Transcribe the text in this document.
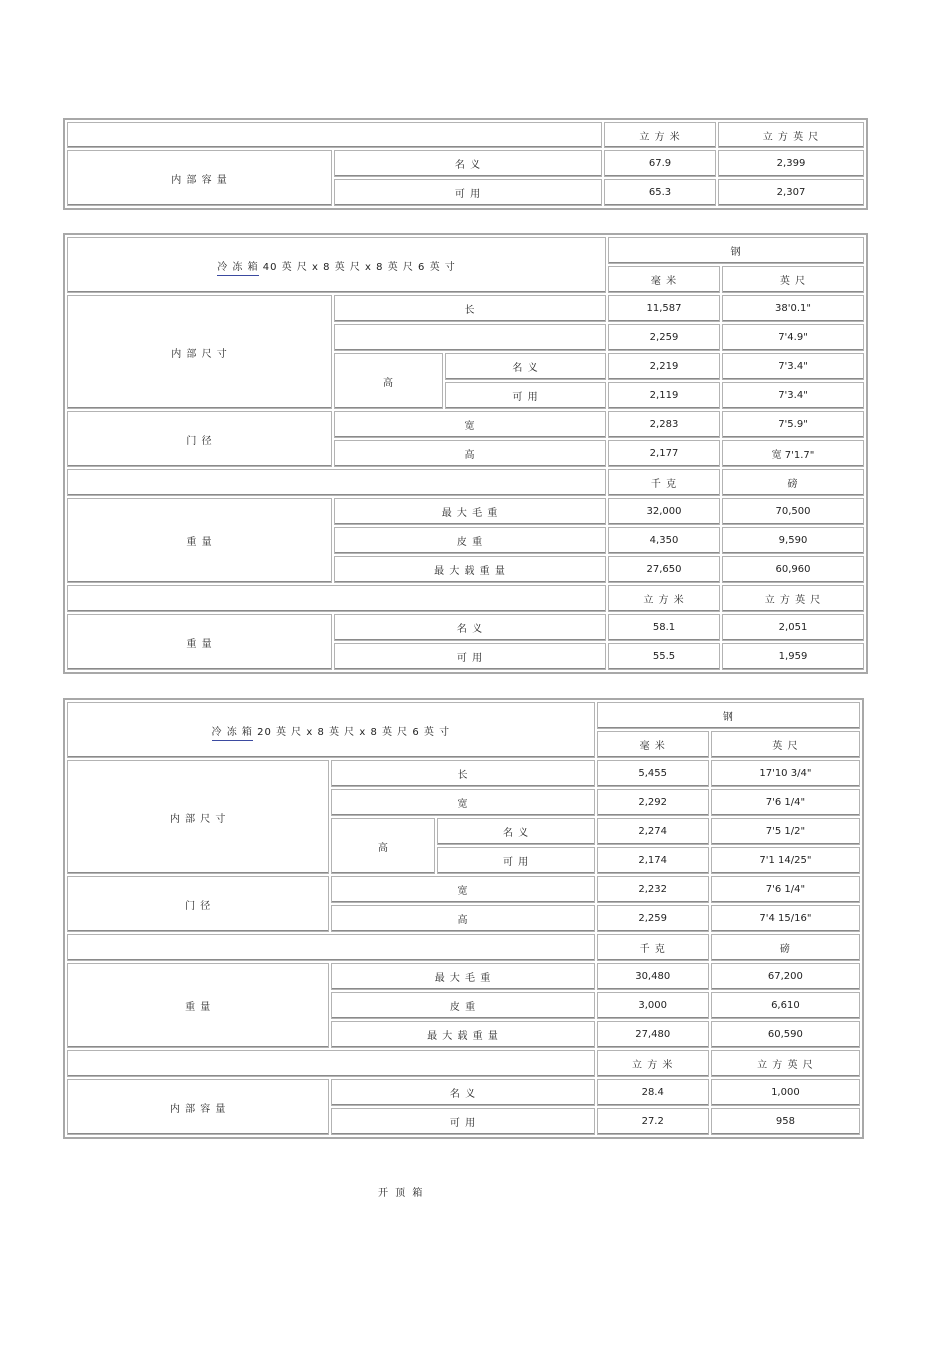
		立 方 米	立 方 英 尺
内 部 容 量	名 义	67.9	2,399
	可 用	65.3	2,307
冷 冻 箱 40 英 尺 x 8 英 尺 x 8 英 尺 6 英 寸			钢	
			毫 米	英 尺
内 部 尺 寸	长		11,587	38'0.1"
			2,259	7'4.9"
	高	名 义	2,219	7'3.4"
		可 用	2,119	7'3.4"
门 径	宽		2,283	7'5.9"
	高		2,177	宽 7'1.7"
			千 克	磅
重 量	最 大 毛 重		32,000	70,500
	皮 重		4,350	9,590
	最 大 载 重 量		27,650	60,960
			立 方 米	立 方 英 尺
重 量	名 义		58.1	2,051
	可 用		55.5	1,959
冷 冻 箱 20 英 尺 x 8 英 尺 x 8 英 尺 6 英 寸			钢	
			毫 米	英 尺
内 部 尺 寸	长		5,455	17'10 3/4"
	宽		2,292	7'6 1/4"
	高	名 义	2,274	7'5 1/2"
		可 用	2,174	7'1 14/25"
门 径	宽		2,232	7'6 1/4"
	高		2,259	7'4 15/16"
			千 克	磅
重 量	最 大 毛 重		30,480	67,200
	皮 重		3,000	6,610
	最 大 载 重 量		27,480	60,590
			立 方 米	立 方 英 尺
内 部 容 量	名 义		28.4	1,000
	可 用		27.2	958
开 顶 箱
